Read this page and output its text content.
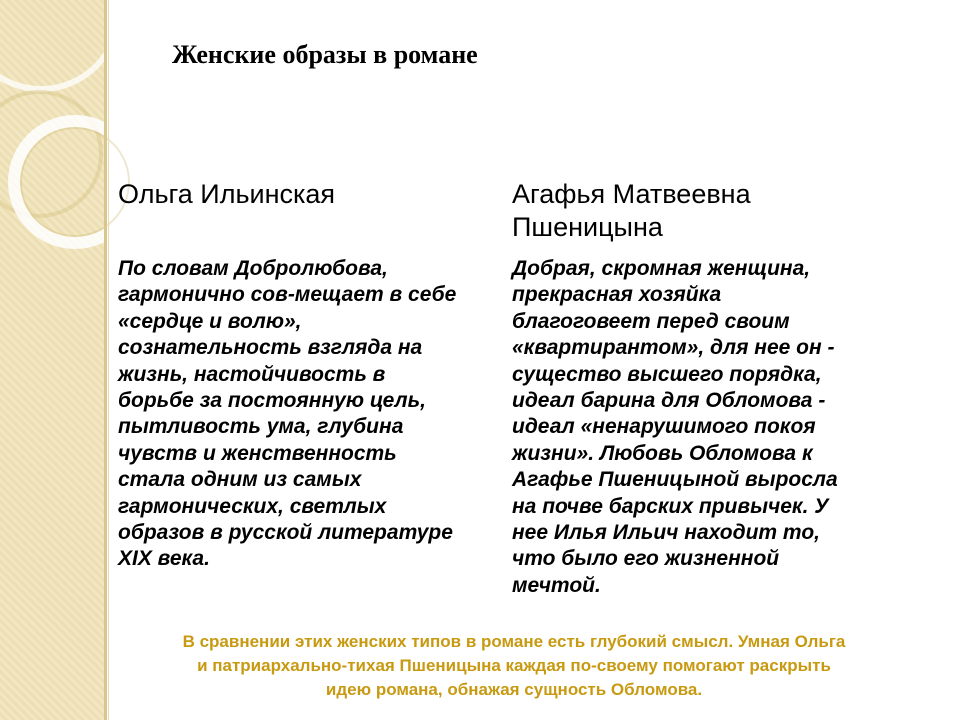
Женские образы в романе
Ольга Ильинская	Агафья Матвеевна
Пшеницына
По словам Добролюбова,
гармонично сов-мещает в себе
«сердце и волю»,
сознательность взгляда на
жизнь, настойчивость в
борьбе за постоянную цель,
пытливость ума, глубина
чувств и женственность
стала одним из самых
гармонических, светлых
образов в русской литературе
XIX века.
Добрая, скромная женщина,
прекрасная хозяйка
благоговеет перед своим
«квартирантом», для нее он -
существо высшего порядка,
идеал барина для Обломова -
идеал «ненарушимого покоя
жизни». Любовь Обломова к
Агафье Пшеницыной выросла
на почве барских привычек. У
нее Илья Ильич находит то,
что было его жизненной
мечтой.
В сравнении этих женских типов в романе есть глубокий смысл. Умная Ольга
и патриархально-тихая Пшеницына каждая по-своему помогают раскрыть
идею романа, обнажая сущность Обломова.
